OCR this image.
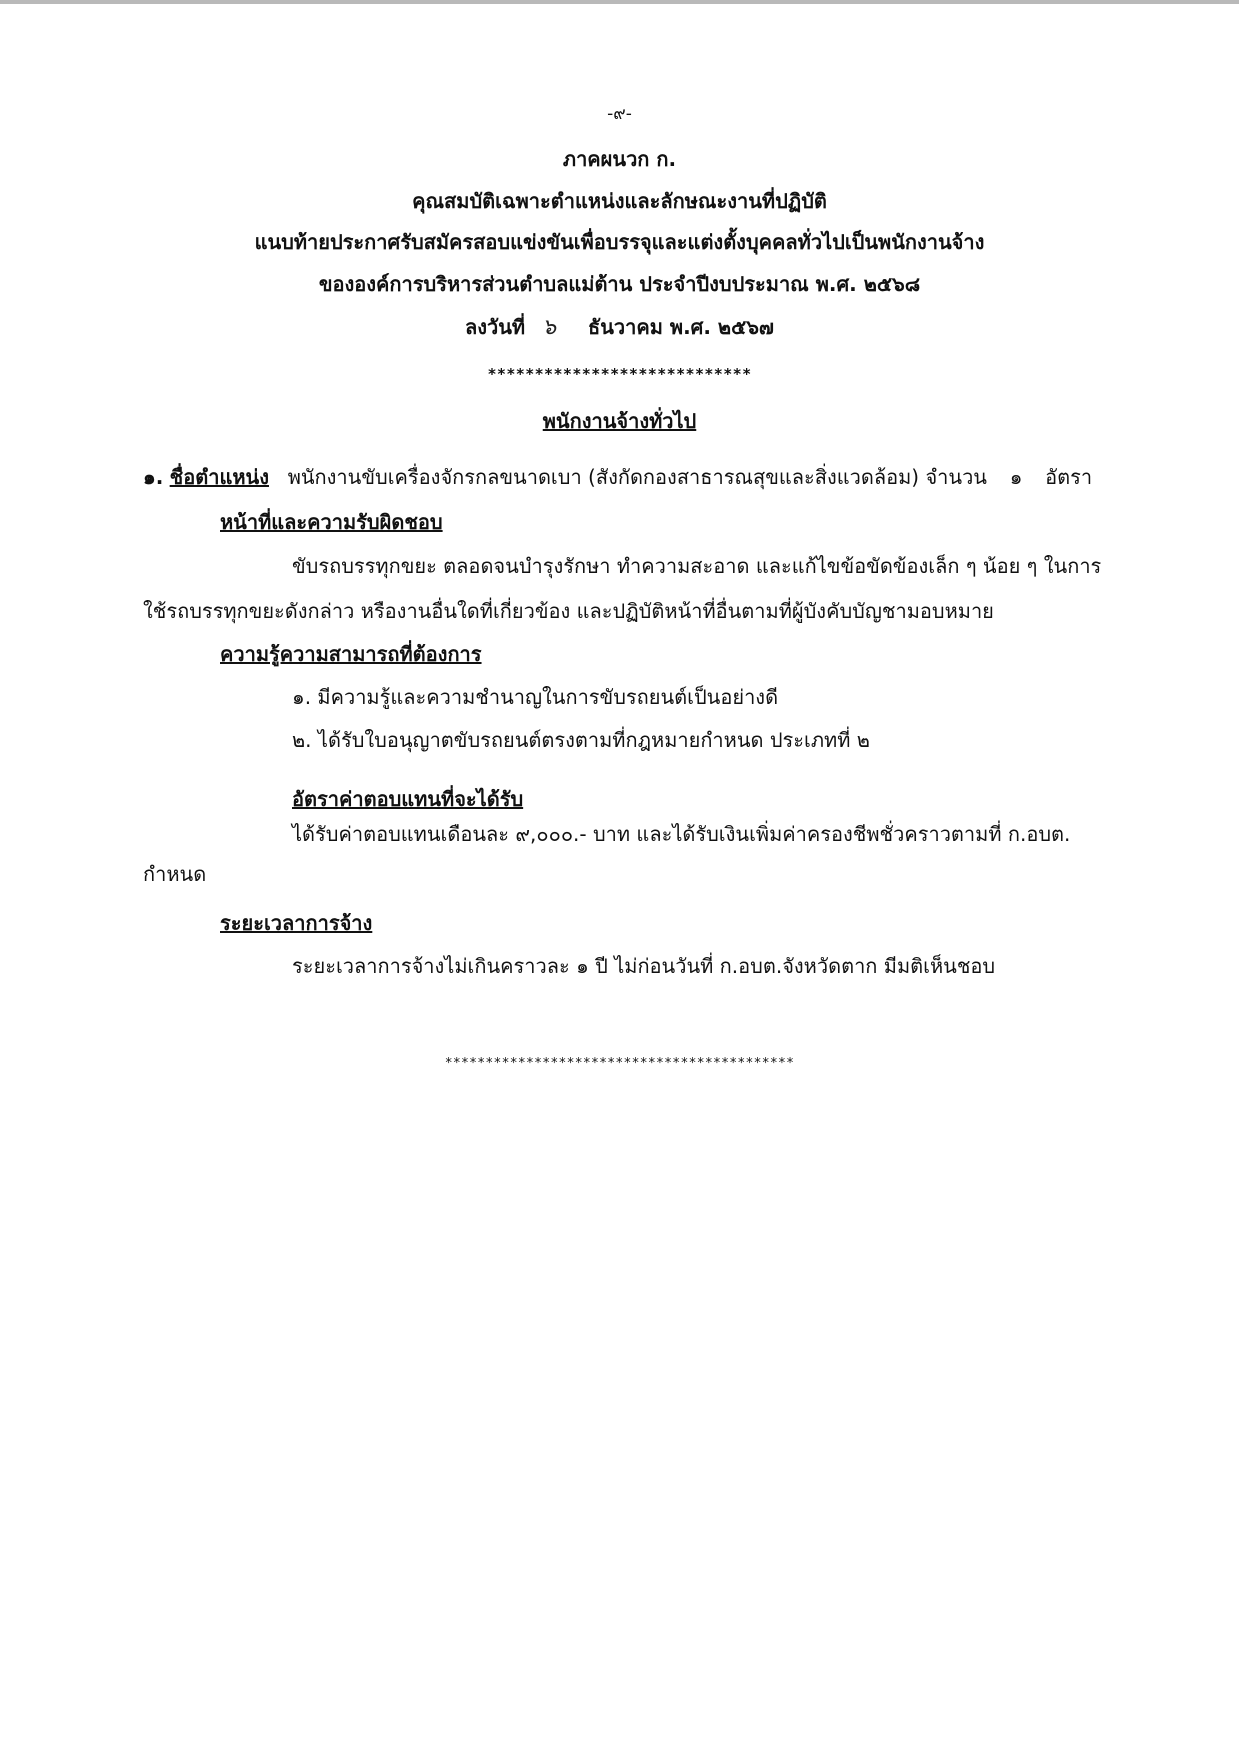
-๙-
ภาคผนวก ก.
คุณสมบัติเฉพาะตำแหน่งและลักษณะงานที่ปฏิบัติ
แนบท้ายประกาศรับสมัครสอบแข่งขันเพื่อบรรจุและแต่งตั้งบุคคลทั่วไปเป็นพนักงานจ้าง
ขององค์การบริหารส่วนตำบลแม่ต้าน ประจำปีงบประมาณ พ.ศ. ๒๕๖๘
ลงวันที่ ๖ ธันวาคม พ.ศ. ๒๕๖๗
****************************
พนักงานจ้างทั่วไป
๑. ชื่อตำแหน่ง พนักงานขับเครื่องจักรกลขนาดเบา (สังกัดกองสาธารณสุขและสิ่งแวดล้อม) จำนวน ๑ อัตรา
หน้าที่และความรับผิดชอบ
ขับรถบรรทุกขยะ ตลอดจนบำรุงรักษา ทำความสะอาด และแก้ไขข้อขัดข้องเล็ก ๆ น้อย ๆ ในการ
ใช้รถบรรทุกขยะดังกล่าว หรืองานอื่นใดที่เกี่ยวข้อง และปฏิบัติหน้าที่อื่นตามที่ผู้บังคับบัญชามอบหมาย
ความรู้ความสามารถที่ต้องการ
๑. มีความรู้และความชำนาญในการขับรถยนต์เป็นอย่างดี
๒. ได้รับใบอนุญาตขับรถยนต์ตรงตามที่กฎหมายกำหนด ประเภทที่ ๒
อัตราค่าตอบแทนที่จะได้รับ
ได้รับค่าตอบแทนเดือนละ ๙,๐๐๐.- บาท และได้รับเงินเพิ่มค่าครองชีพชั่วคราวตามที่ ก.อบต.
กำหนด
ระยะเวลาการจ้าง
ระยะเวลาการจ้างไม่เกินคราวละ ๑ ปี ไม่ก่อนวันที่ ก.อบต.จังหวัดตาก มีมติเห็นชอบ
*******************************************
